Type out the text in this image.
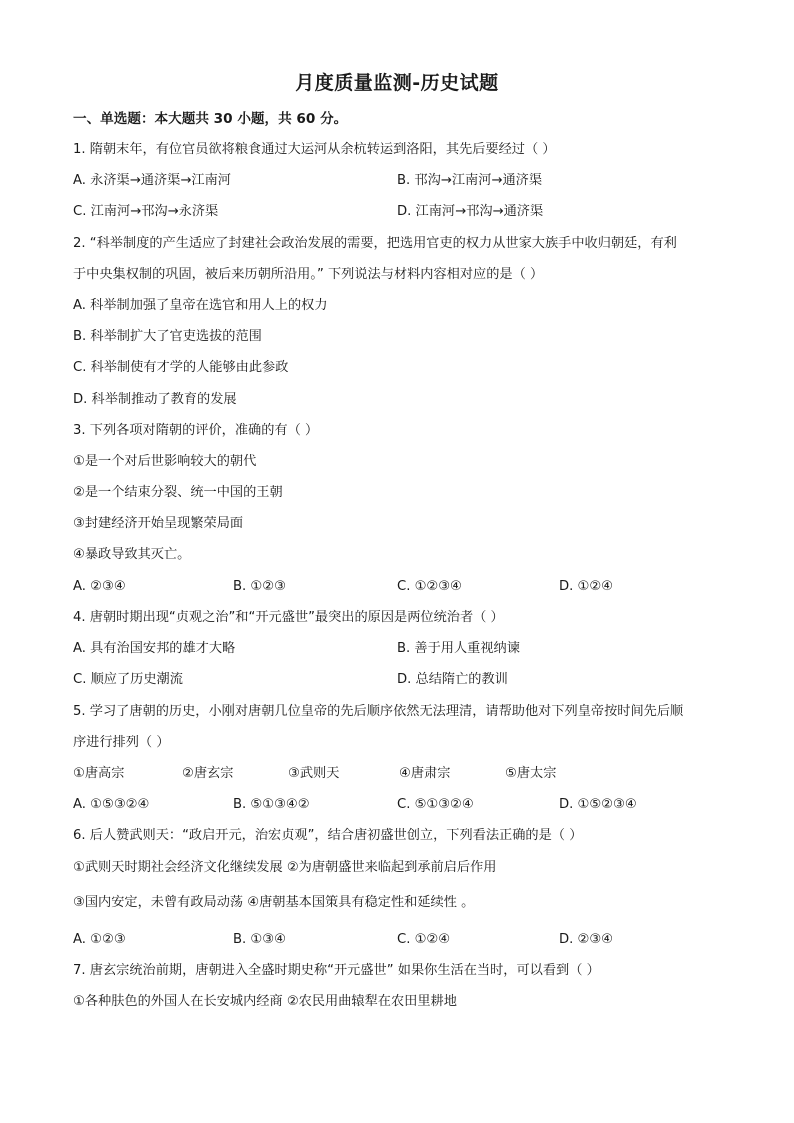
月度质量监测-历史试题
一、单选题：本大题共 30 小题，共 60 分。
1. 隋朝末年，有位官员欲将粮食通过大运河从余杭转运到洛阳，其先后要经过（ ）
A. 永济渠→通济渠→江南河	B. 邗沟→江南河→通济渠
C. 江南河→邗沟→永济渠	D. 江南河→邗沟→通济渠
2. “科举制度的产生适应了封建社会政治发展的需要，把选用官吏的权力从世家大族手中收归朝廷，有利
于中央集权制的巩固，被后来历朝所沿用。” 下列说法与材料内容相对应的是（ ）
A. 科举制加强了皇帝在选官和用人上的权力
B. 科举制扩大了官吏选拔的范围
C. 科举制使有才学的人能够由此参政
D. 科举制推动了教育的发展
3. 下列各项对隋朝的评价，准确的有（ ）
①是一个对后世影响较大的朝代
②是一个结束分裂、统一中国的王朝
③封建经济开始呈现繁荣局面
④暴政导致其灭亡。
A. ②③④	B. ①②③	C. ①②③④	D. ①②④
4. 唐朝时期出现“贞观之治”和“开元盛世”最突出的原因是两位统治者（ ）
A. 具有治国安邦的雄才大略	B. 善于用人重视纳谏
C. 顺应了历史潮流	D. 总结隋亡的教训
5. 学习了唐朝的历史，小刚对唐朝几位皇帝的先后顺序依然无法理清，请帮助他对下列皇帝按时间先后顺
序进行排列（ ）
①唐高宗	②唐玄宗	③武则天	④唐肃宗	⑤唐太宗
A. ①⑤③②④	B. ⑤①③④②	C. ⑤①③②④	D. ①⑤②③④
6. 后人赞武则天：“政启开元，治宏贞观”，结合唐初盛世创立，下列看法正确的是（ ）
①武则天时期社会经济文化继续发展 ②为唐朝盛世来临起到承前启后作用
③国内安定，未曾有政局动荡 ④唐朝基本国策具有稳定性和延续性 。
A. ①②③	B. ①③④	C. ①②④	D. ②③④
7. 唐玄宗统治前期，唐朝进入全盛时期史称“开元盛世” 如果你生活在当时，可以看到（ ）
①各种肤色的外国人在长安城内经商 ②农民用曲辕犁在农田里耕地
